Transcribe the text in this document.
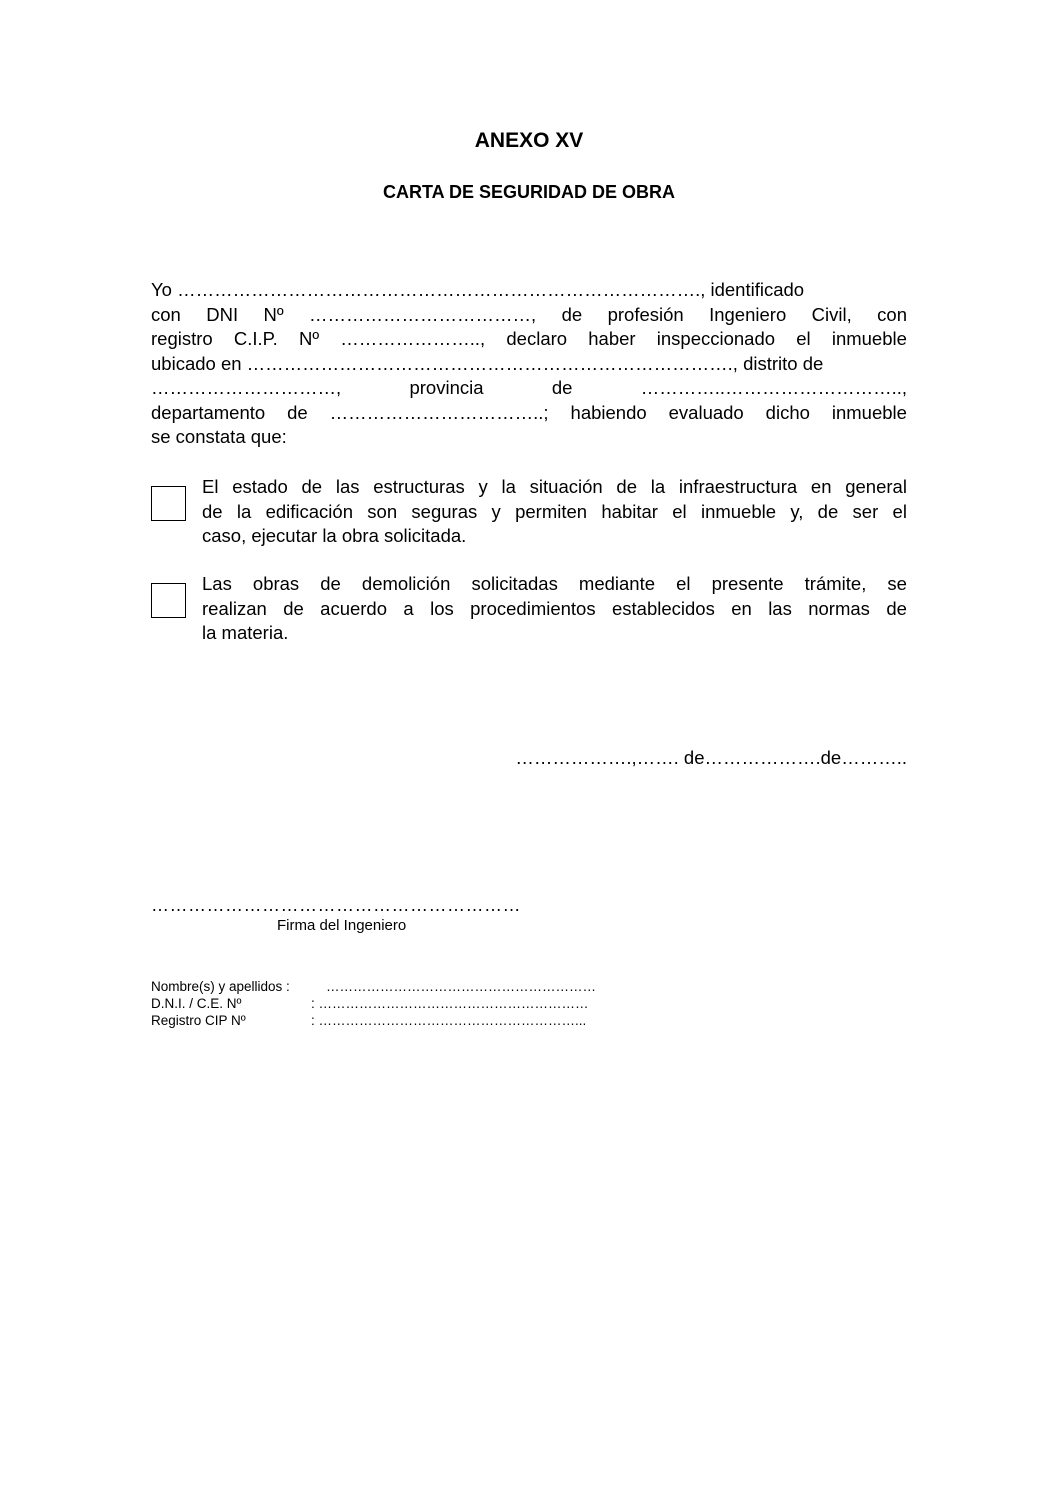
ANEXO XV
CARTA DE SEGURIDAD DE OBRA
Yo …………………………………………………………………………., identificado
con DNI Nº ………………………………, de profesión Ingeniero Civil, con
registro C.I.P. Nº ………………….., declaro haber inspeccionado el inmueble
ubicado en ……………………………………………………………………., distrito de
…………………………,	provincia	de	…………..………………………..,
departamento de ……………………………..; habiendo evaluado dicho inmueble
se constata que:
El estado de las estructuras y la situación de la infraestructura en general
de la edificación son seguras y permiten habitar el inmueble y, de ser el
caso, ejecutar la obra solicitada.
Las obras de demolición solicitadas mediante el presente trámite, se
realizan de acuerdo a los procedimientos establecidos en las normas de
la materia.
……………….,……. de……………….de………..
……………………………………………………
Firma del Ingeniero
Nombre(s) y apellidos :	……………………………………………………
D.N.I. / C.E. Nº	: ……………………………………………………
Registro CIP Nº	: …………………………………………………...
